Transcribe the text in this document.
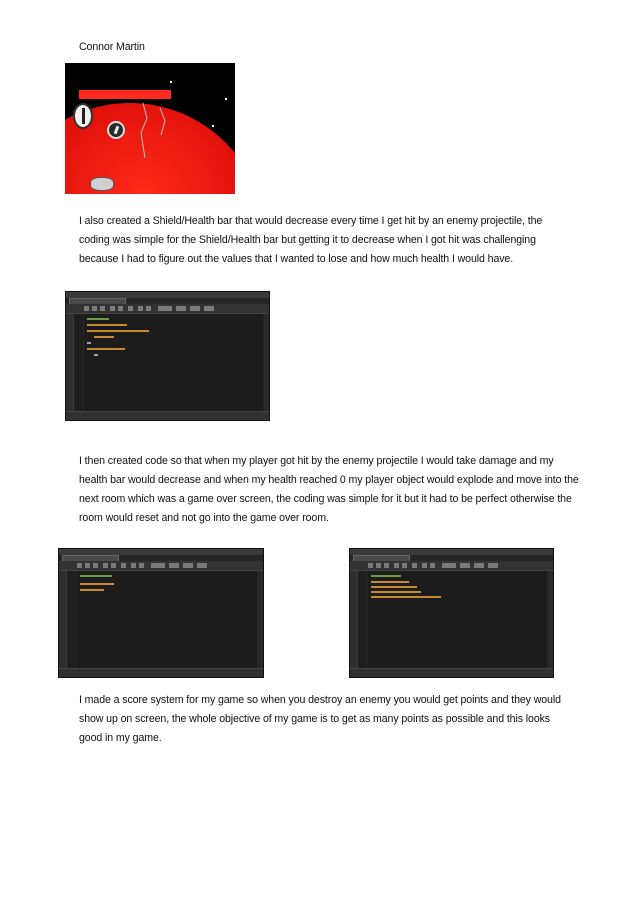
Connor Martin
I also created a Shield/Health bar that would decrease every time I get hit by an enemy projectile, the coding was simple for the Shield/Health bar but getting it to decrease when I got hit was challenging because I had to figure out the values that I wanted to lose and how much health I would have.
I then created code so that when my player got hit by the enemy projectile I would take damage and my health bar would decrease and when my health reached 0 my player object would explode and move into the next room which was a game over screen, the coding was simple for it but it had to be perfect otherwise the room would reset and not go into the game over room.
I made a score system for my game so when you destroy an enemy you would get points and they would show up on screen, the whole objective of my game is to get as many points as possible and this looks good in my game.
